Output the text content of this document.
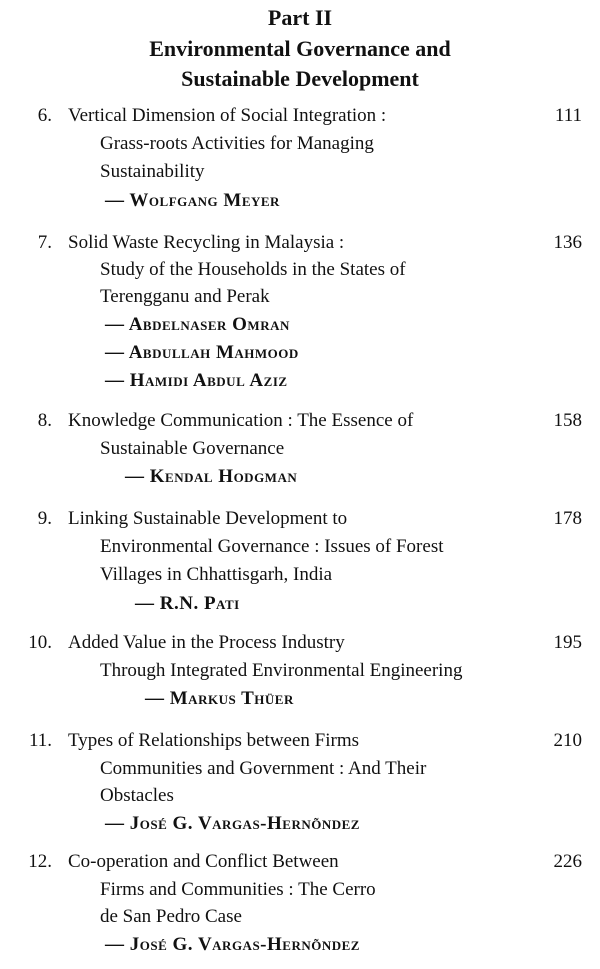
Part II
Environmental Governance and
Sustainable Development
6. Vertical Dimension of Social Integration :	111
Grass-roots Activities for Managing
Sustainability
— Wolfgang Meyer
7. Solid Waste Recycling in Malaysia :	136
Study of the Households in the States of
Terengganu and Perak
— Abdelnaser Omran
— Abdullah Mahmood
— Hamidi Abdul Aziz
8. Knowledge Communication : The Essence of	158
Sustainable Governance
— Kendal Hodgman
9. Linking Sustainable Development to	178
Environmental Governance : Issues of Forest
Villages in Chhattisgarh, India
— R.N. Pati
10. Added Value in the Process Industry	195
Through Integrated Environmental Engineering
— Markus Thüer
11. Types of Relationships between Firms	210
Communities and Government : And Their
Obstacles
— José G. Vargas-Hernõndez
12. Co-operation and Conflict Between	226
Firms and Communities : The Cerro
de San Pedro Case
— José G. Vargas-Hernõndez
